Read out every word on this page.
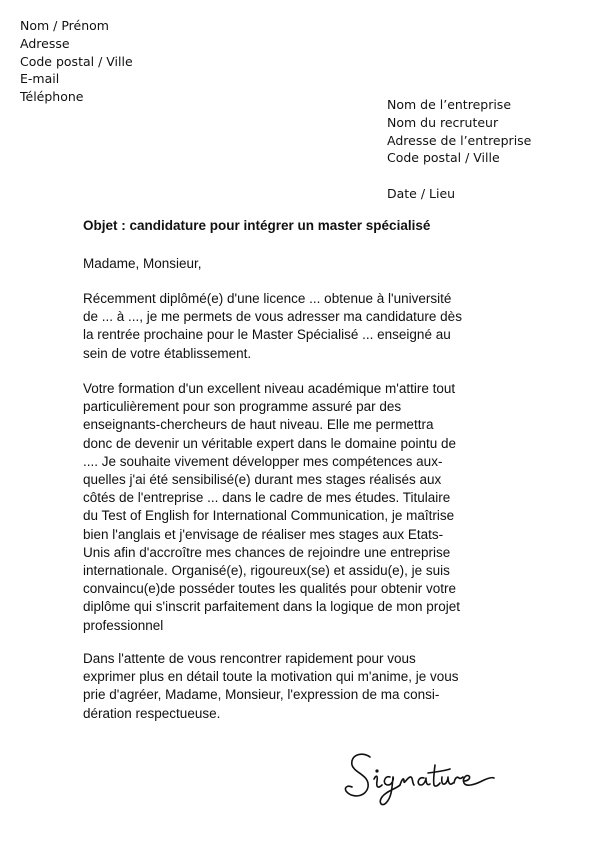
Nom / Prénom
Adresse
Code postal / Ville
E-mail
Téléphone
Nom de l’entreprise
Nom du recruteur
Adresse de l’entreprise
Code postal / Ville
Date / Lieu
Objet : candidature pour intégrer un master spécialisé
Madame, Monsieur,
Récemment diplômé(e) d'une licence ... obtenue à l'université
de ... à ..., je me permets de vous adresser ma candidature dès
la rentrée prochaine pour le Master Spécialisé ... enseigné au
sein de votre établissement.
Votre formation d'un excellent niveau académique m'attire tout
particulièrement pour son programme assuré par des
enseignants-chercheurs de haut niveau. Elle me permettra
donc de devenir un véritable expert dans le domaine pointu de
.... Je souhaite vivement développer mes compétences aux-
quelles j'ai été sensibilisé(e) durant mes stages réalisés aux
côtés de l'entreprise ... dans le cadre de mes études. Titulaire
du Test of English for International Communication, je maîtrise
bien l'anglais et j'envisage de réaliser mes stages aux Etats-
Unis afin d'accroître mes chances de rejoindre une entreprise
internationale. Organisé(e), rigoureux(se) et assidu(e), je suis
convaincu(e)de posséder toutes les qualités pour obtenir votre
diplôme qui s'inscrit parfaitement dans la logique de mon projet
professionnel
Dans l'attente de vous rencontrer rapidement pour vous
exprimer plus en détail toute la motivation qui m'anime, je vous
prie d'agréer, Madame, Monsieur, l'expression de ma consi-
dération respectueuse.
